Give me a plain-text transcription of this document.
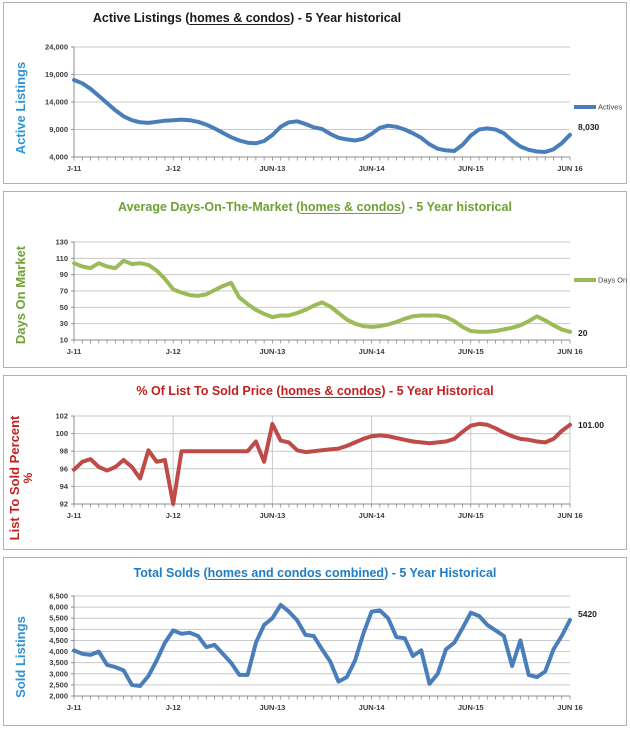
Active Listings (homes & condos) - 5 Year historical
Active Listings
4,000
9,000
14,000
19,000
24,000
J-11	J-12	JUN-13	JUN-14	JUN-15	JUN 16
Actives
8,030
Average Days-On-The-Market (homes & condos) - 5 Year historical
Days On Market	10
30
50
70
90
110
130
J-11	J-12	JUN-13	JUN-14	JUN-15	JUN 16
Days On
20
% Of List To Sold Price (homes & condos) - 5 Year Historical
List To Sold Percent
%
92
94
96
98
100
102
J-11	J-12	JUN-13	JUN-14	JUN-15	JUN 16
101.00
Total Solds (homes and condos combined) - 5 Year Historical
Sold Listings	2,000
2,500
3,000
3,500
4,000
4,500
5,000
5,500
6,000
6,500
J-11	J-12	JUN-13	JUN-14	JUN-15	JUN 16
5420
